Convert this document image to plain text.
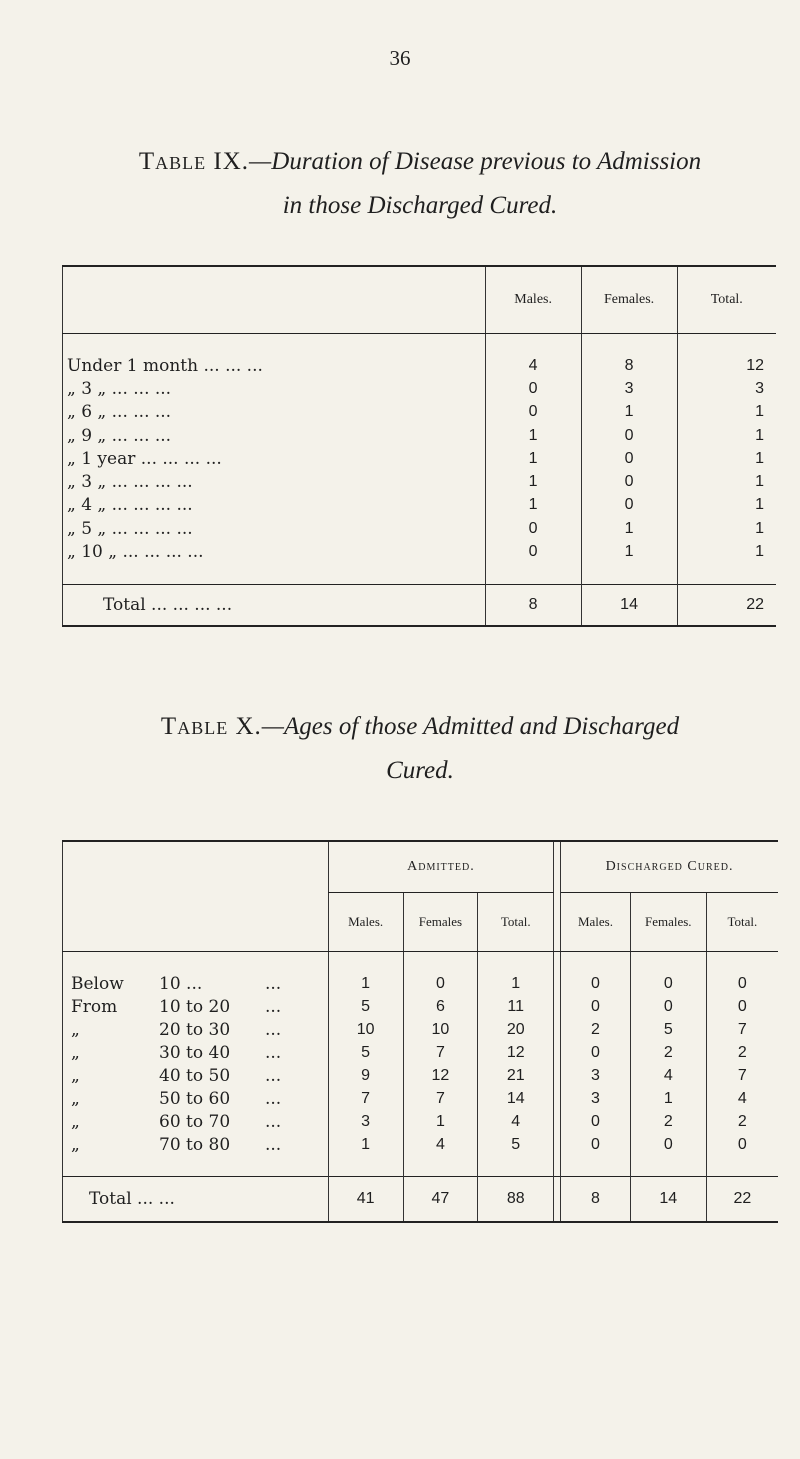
36
Table IX.—Duration of Disease previous to Admission
in those Discharged Cured.
	Males.	Females.	Total.

Under 1 month ... ... ...	4	8	12
„ 3 „ ... ... ...	0	3	3
„ 6 „ ... ... ...	0	1	1
„ 9 „ ... ... ...	1	0	1
„ 1 year ... ... ... ...	1	0	1
„ 3 „ ... ... ... ...	1	0	1
„ 4 „ ... ... ... ...	1	0	1
„ 5 „ ... ... ... ...	0	1	1
„ 10 „ ... ... ... ...	0	1	1

Total ... ... ... ...	8	14	22
Table X.—Ages of those Admitted and Discharged
Cured.
	Admitted.				Discharged Cured.		
	Males.	Females	Total.		Males.	Females.	Total.

Below 10 ... ...	1	0	1		0	0	0
From 10 to 20 ...	5	6	11		0	0	0
„ 20 to 30 ...	10	10	20		2	5	7
„ 30 to 40 ...	5	7	12		0	2	2
„ 40 to 50 ...	9	12	21		3	4	7
„ 50 to 60 ...	7	7	14		3	1	4
„ 60 to 70 ...	3	1	4		0	2	2
„ 70 to 80 ...	1	4	5		0	0	0

Total ... ...	41	47	88		8	14	22
